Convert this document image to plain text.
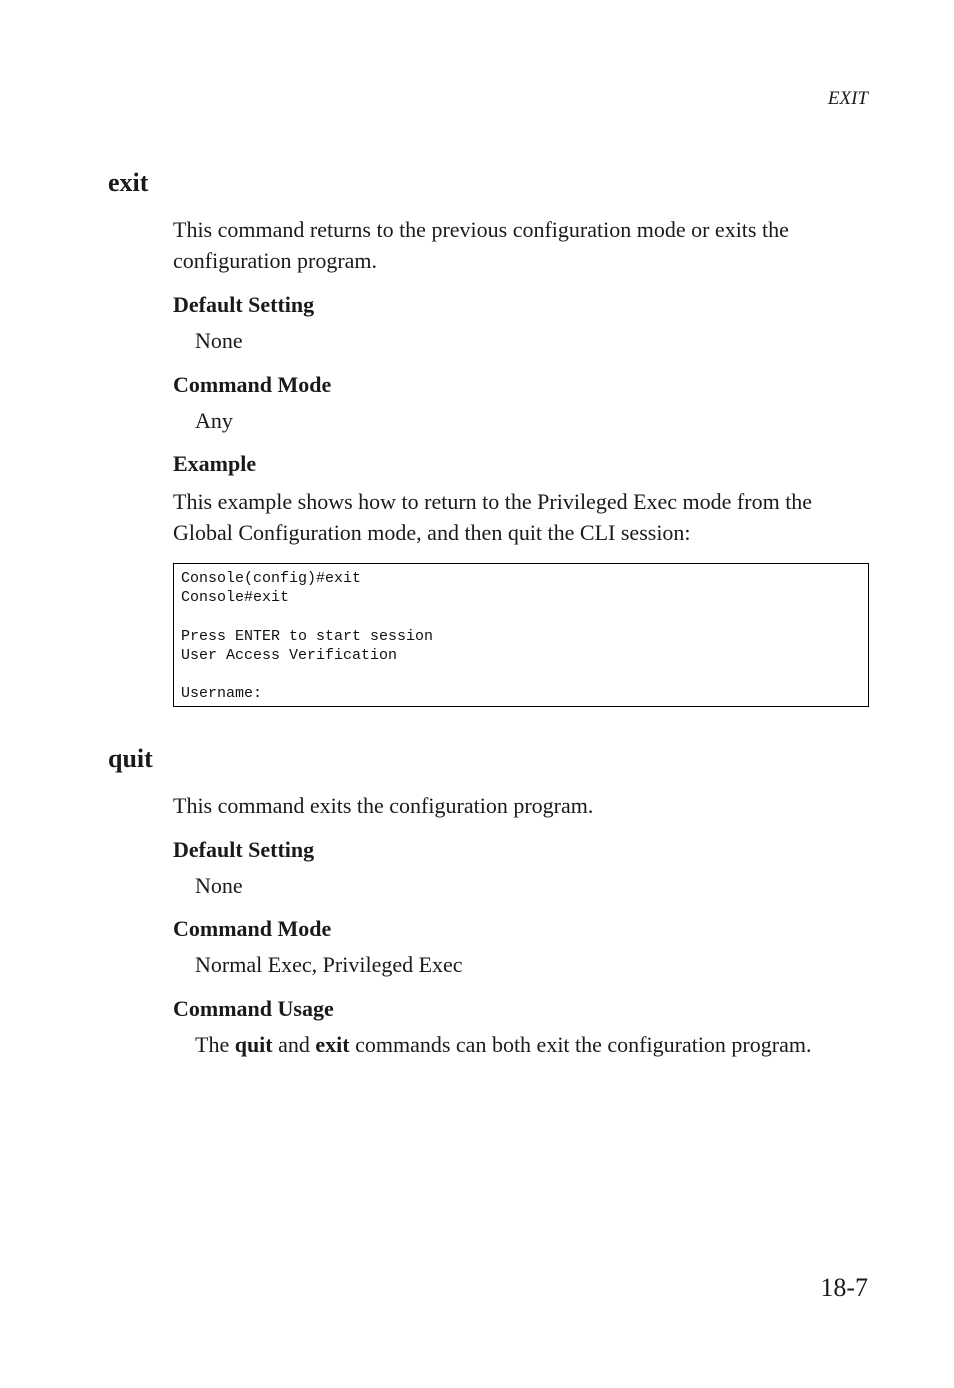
EXIT
exit
This command returns to the previous configuration mode or exits the configuration program.
Default Setting
None
Command Mode
Any
Example
This example shows how to return to the Privileged Exec mode from the Global Configuration mode, and then quit the CLI session:
Console(config)#exit
Console#exit

Press ENTER to start session
User Access Verification

Username:
quit
This command exits the configuration program.
Default Setting
None
Command Mode
Normal Exec, Privileged Exec
Command Usage
The quit and exit commands can both exit the configuration program.
18-7
